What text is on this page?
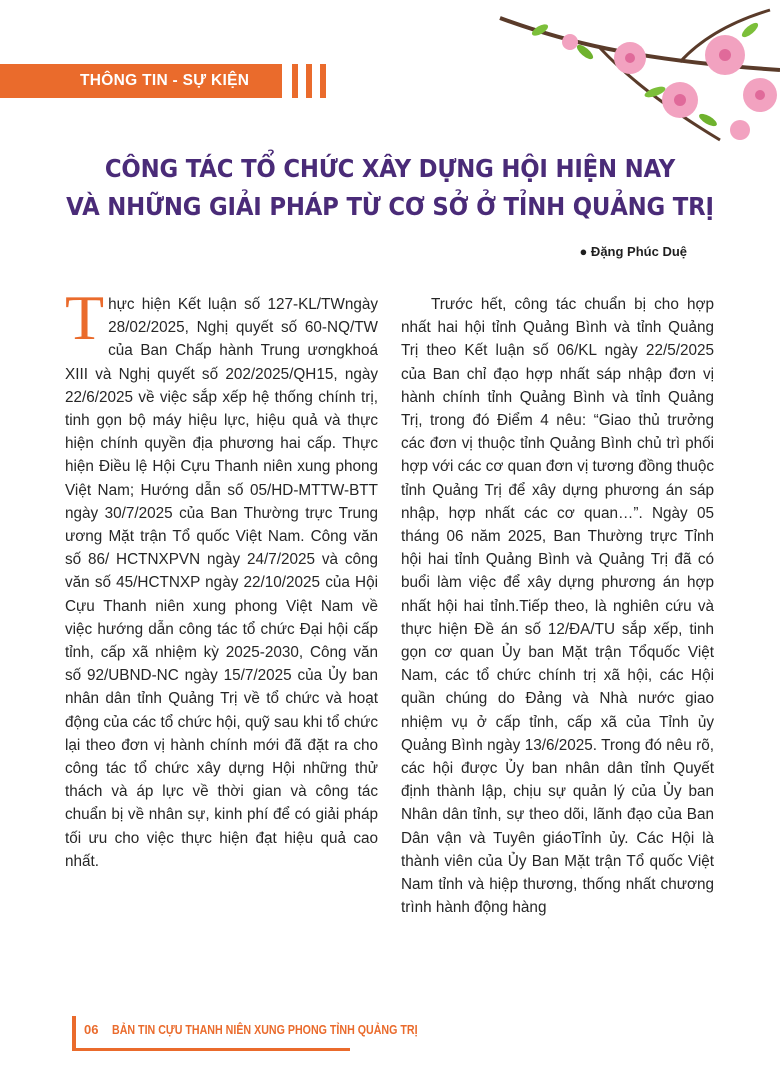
THÔNG TIN - SỰ KIỆN
CÔNG TÁC TỔ CHỨC XÂY DỰNG HỘI HIỆN NAY
VÀ NHỮNG GIẢI PHÁP TỪ CƠ SỞ Ở TỈNH QUẢNG TRỊ
● Đặng Phúc Duệ
T hực hiện Kết luận số 127-KL/TWngày 28/02/2025, Nghị quyết số 60-NQ/TW của Ban Chấp hành Trung ươngkhoá XIII và Nghị quyết số 202/2025/QH15, ngày 22/6/2025 về việc sắp xếp hệ thống chính trị, tinh gọn bộ máy hiệu lực, hiệu quả và thực hiện chính quyền địa phương hai cấp. Thực hiện Điều lệ Hội Cựu Thanh niên xung phong Việt Nam; Hướng dẫn số 05/HD-MTTW-BTT ngày 30/7/2025 của Ban Thường trực Trung ương Mặt trận Tổ quốc Việt Nam. Công văn số 86/ HCTNXPVN ngày 24/7/2025 và công văn số 45/HCTNXP ngày 22/10/2025 của Hội Cựu Thanh niên xung phong Việt Nam về việc hướng dẫn công tác tổ chức Đại hội cấp tỉnh, cấp xã nhiệm kỳ 2025-2030, Công văn số 92/UBND-NC ngày 15/7/2025 của Ủy ban nhân dân tỉnh Quảng Trị về tổ chức và hoạt động của các tổ chức hội, quỹ sau khi tổ chức lại theo đơn vị hành chính mới đã đặt ra cho công tác tổ chức xây dựng Hội những thử thách và áp lực về thời gian và công tác chuẩn bị về nhân sự, kinh phí để có giải pháp tối ưu cho việc thực hiện đạt hiệu quả cao nhất.
Trước hết, công tác chuẩn bị cho hợp nhất hai hội tỉnh Quảng Bình và tỉnh Quảng Trị theo Kết luận số 06/KL ngày 22/5/2025 của Ban chỉ đạo hợp nhất sáp nhập đơn vị hành chính tỉnh Quảng Bình và tỉnh Quảng Trị, trong đó Điểm 4 nêu: “Giao thủ trưởng các đơn vị thuộc tỉnh Quảng Bình chủ trì phối hợp với các cơ quan đơn vị tương đồng thuộc tỉnh Quảng Trị để xây dựng phương án sáp nhập, hợp nhất các cơ quan…”. Ngày 05 tháng 06 năm 2025, Ban Thường trực Tỉnh hội hai tỉnh Quảng Bình và Quảng Trị đã có buổi làm việc để xây dựng phương án hợp nhất hội hai tỉnh.Tiếp theo, là nghiên cứu và thực hiện Đề án số 12/ĐA/TU sắp xếp, tinh gọn cơ quan Ủy ban Mặt trận Tổquốc Việt Nam, các tổ chức chính trị xã hội, các Hội quần chúng do Đảng và Nhà nước giao nhiệm vụ ở cấp tỉnh, cấp xã của Tỉnh ủy Quảng Bình ngày 13/6/2025. Trong đó nêu rõ, các hội được Ủy ban nhân dân tỉnh Quyết định thành lập, chịu sự quản lý của Ủy ban Nhân dân tỉnh, sự theo dõi, lãnh đạo của Ban Dân vận và Tuyên giáoTỉnh ủy. Các Hội là thành viên của Ủy Ban Mặt trận Tổ quốc Việt Nam tỉnh và hiệp thương, thống nhất chương trình hành động hàng
06 BẢN TIN CỰU THANH NIÊN XUNG PHONG TỈNH QUẢNG TRỊ
